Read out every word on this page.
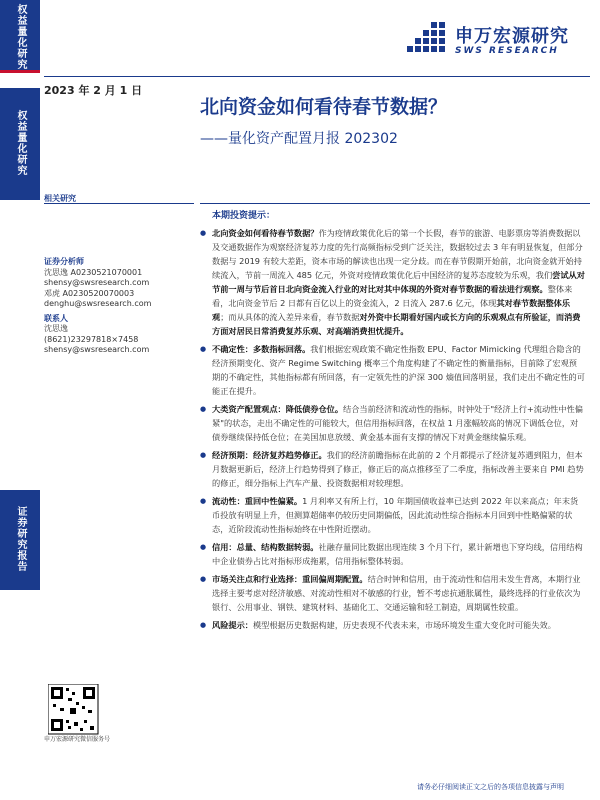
权益量化研究
权益量化研究
证券研究报告
申万宏源研究
SWS RESEARCH
2023 年 2 月 1 日
北向资金如何看待春节数据？
——量化资产配置月报 202302
相关研究
证券分析师
沈思逸 A0230521070001
shensy@swsresearch.com
邓虎 A0230520070003
denghu@swsresearch.com
联系人
沈思逸
(8621)23297818×7458
shensy@swsresearch.com
申万宏源研究微信服务号
本期投资提示：
● 北向资金如何看待春节数据？作为疫情政策优化后的第一个长假，春节的旅游、电影票房等消费数据以及交通数据作为观察经济复苏力度的先行高频指标受到广泛关注，数据较过去 3 年有明显恢复，但部分数据与 2019 有较大差距，资本市场的解读也出现一定分歧。而在春节假期开始前，北向资金就开始持续流入，节前一周流入 485 亿元，外资对疫情政策优化后中国经济的复苏态度较为乐观，我们尝试从对节前一周与节后首日北向资金流入行业的对比对其中体现的外资对春节数据的看法进行观察。整体来看，北向资金节后 2 日都有百亿以上的资金流入，2 日流入 287.6 亿元，体现其对春节数据整体乐观；而从具体的流入差异来看，春节数据对外资中长期看好国内或长方向的乐观观点有所验证，而消费方面对居民日常消费复苏乐观、对高端消费担忧提升。
● 不确定性：多数指标回落。我们根据宏观政策不确定性指数 EPU、Factor Mimicking 代理组合隐含的经济预期变化、资产 Regime Switching 概率三个角度构建了不确定性的衡量指标，目前除了宏观预期的不确定性，其他指标都有所回落，有一定领先性的沪深 300 熵值回落明显，我们走出不确定性的可能正在提升。
● 大类资产配置观点：降低债券仓位。结合当前经济和流动性的指标，时钟处于"经济上行+流动性中性偏紧"的状态，走出不确定性的可能较大，但信用指标回落，在权益 1 月涨幅较高的情况下调低仓位，对债券继续保持低仓位；在美国加息放缓、黄金基本面有支撑的情况下对黄金继续偏乐观。
● 经济预期：经济复苏趋势修正。我们的经济前瞻指标在此前的 2 个月都提示了经济复苏遇到阻力，但本月数据更新后，经济上行趋势得到了修正，修正后的高点推移至了二季度，指标改善主要来自 PMI 趋势的修正，细分指标上汽车产量、投资数据相对较理想。
● 流动性：重回中性偏紧。1 月利率又有所上行，10 年期国债收益率已达到 2022 年以来高点；年末货币投放有明显上升，但测算超储率仍较历史同期偏低，因此流动性综合指标本月回到中性略偏紧的状态，近阶段流动性指标始终在中性附近摆动。
● 信用：总量、结构数据转弱。社融存量同比数据出现连续 3 个月下行，累计新增也下穿均线，信用结构中企业债券占比对指标形成拖累，信用指标整体转弱。
● 市场关注点和行业选择：重回偏周期配置。结合时钟和信用，由于流动性和信用未发生背离，本期行业选择主要考虑对经济敏感、对流动性相对不敏感的行业，暂不考虑抗通胀属性，最终选择的行业依次为银行、公用事业、钢铁、建筑材料、基础化工、交通运输和轻工制造，周期属性较重。
● 风险提示：模型根据历史数据构建，历史表现不代表未来，市场环境发生重大变化时可能失效。
请务必仔细阅读正文之后的各项信息披露与声明
